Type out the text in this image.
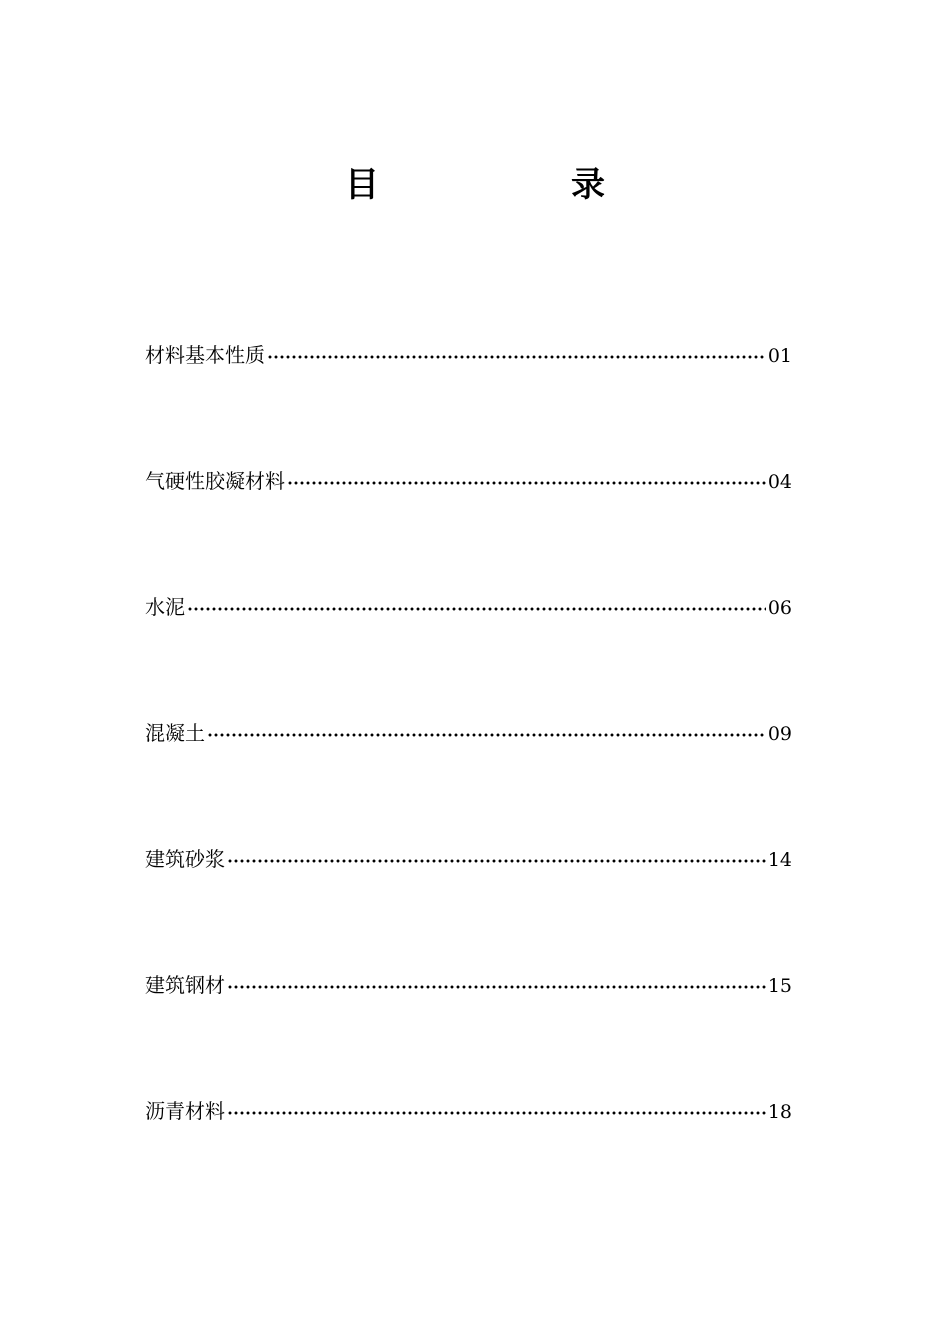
目	录
材料基本性质	01
气硬性胶凝材料	04
水泥	06
混凝土	09
建筑砂浆	14
建筑钢材	15
沥青材料	18
